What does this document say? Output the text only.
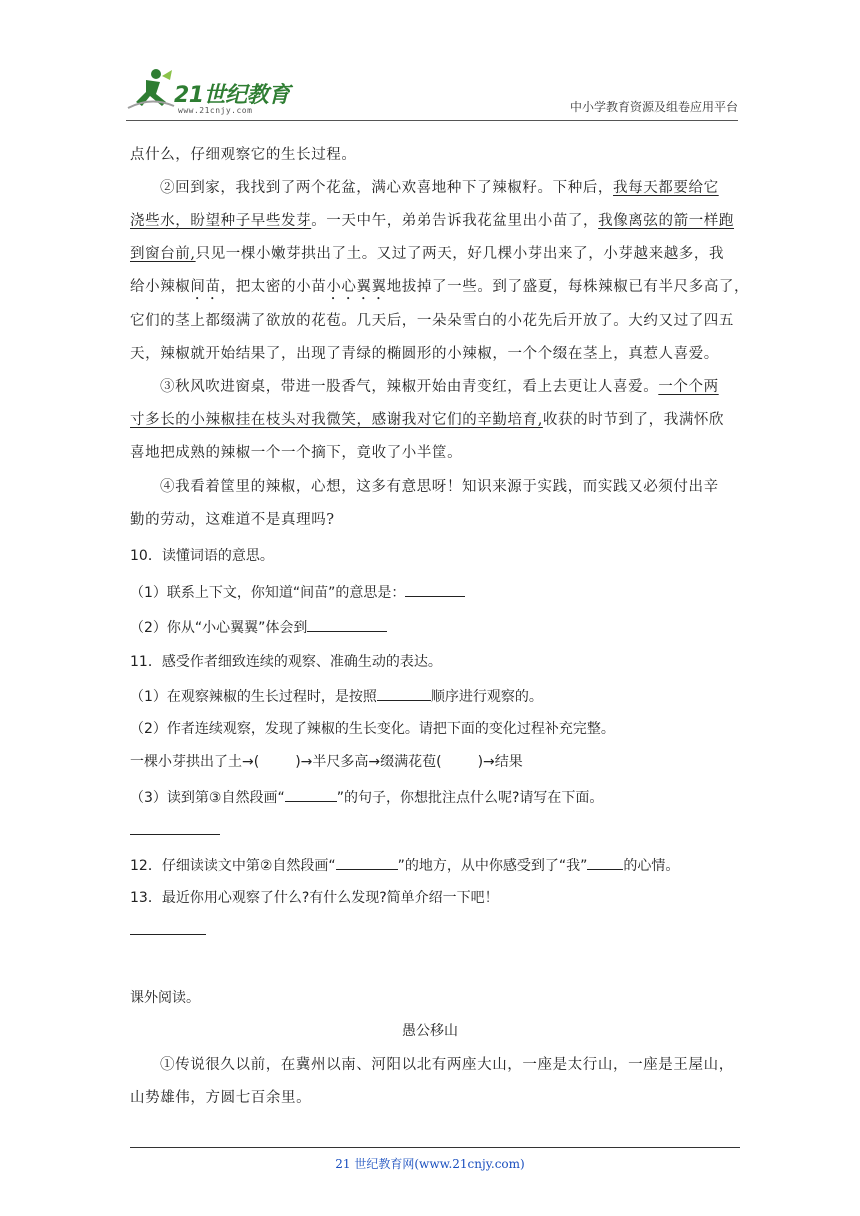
21世纪教育
www.21cnjy.com	中小学教育资源及组卷应用平台
点什么，仔细观察它的生长过程。
②回到家，我找到了两个花盆，满心欢喜地种下了辣椒籽。下种后，我每天都要给它
浇些水，盼望种子早些发芽。一天中午，弟弟告诉我花盆里出小苗了，我像离弦的箭一样跑
到窗台前,只见一棵小嫩芽拱出了土。又过了两天，好几棵小芽出来了，小芽越来越多，我
给小辣椒间苗，把太密的小苗小心翼翼地拔掉了一些。到了盛夏，每株辣椒已有半尺多高了，
它们的茎上都缀满了欲放的花苞。几天后，一朵朵雪白的小花先后开放了。大约又过了四五
天，辣椒就开始结果了，出现了青绿的椭圆形的小辣椒，一个个缀在茎上，真惹人喜爱。
③秋风吹进窗桌，带进一股香气，辣椒开始由青变红，看上去更让人喜爱。一个个两
寸多长的小辣椒挂在枝头对我微笑，感谢我对它们的辛勤培育,收获的时节到了，我满怀欣
喜地把成熟的辣椒一个一个摘下，竟收了小半筐。
④我看着筐里的辣椒，心想，这多有意思呀！知识来源于实践，而实践又必须付出辛
勤的劳动，这难道不是真理吗?
10．读懂词语的意思。
（1）联系上下文，你知道“间苗”的意思是：
（2）你从“小心翼翼”体会到
11．感受作者细致连续的观察、准确生动的表达。
（1）在观察辣椒的生长过程时，是按照	顺序进行观察的。
（2）作者连续观察，发现了辣椒的生长变化。请把下面的变化过程补充完整。
一棵小芽拱出了土→(	)→半尺多高→缀满花苞(	)→结果
（3）读到第③自然段画“	”的句子，你想批注点什么呢?请写在下面。
12．仔细读读文中第②自然段画“	”的地方，从中你感受到了“我”	的心情。
13．最近你用心观察了什么?有什么发现?简单介绍一下吧！
课外阅读。
愚公移山
①传说很久以前，在冀州以南、河阳以北有两座大山，一座是太行山，一座是王屋山，
山势雄伟，方圆七百余里。
21 世纪教育网(www.21cnjy.com)
